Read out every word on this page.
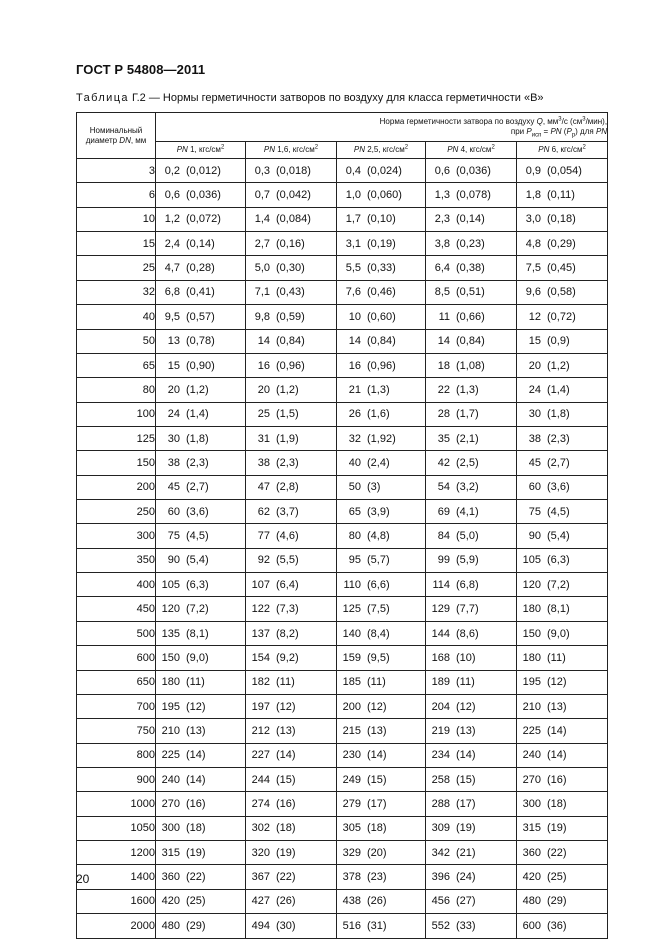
ГОСТ Р 54808—2011
Таблица Г.2 — Нормы герметичности затворов по воздуху для класса герметичности «В»
Номинальный
диаметр DN, мм	Норма герметичности затвора по воздуху Q, $мм^3/с$ $(см^3/мин)$,
при $P_{исп}$ = PN $(P_р)$ для PN				
	PN 1, кгс/$см^2$	PN 1,6, кгс/$см^2$	PN 2,5, кгс/$см^2$	PN 4, кгс/$см^2$	PN 6, кгс/$см^2$
3	0,2 (0,012)	0,3 (0,018)	0,4 (0,024)	0,6 (0,036)	0,9 (0,054)
6	0,6 (0,036)	0,7 (0,042)	1,0 (0,060)	1,3 (0,078)	1,8 (0,11)
10	1,2 (0,072)	1,4 (0,084)	1,7 (0,10)	2,3 (0,14)	3,0 (0,18)
15	2,4 (0,14)	2,7 (0,16)	3,1 (0,19)	3,8 (0,23)	4,8 (0,29)
25	4,7 (0,28)	5,0 (0,30)	5,5 (0,33)	6,4 (0,38)	7,5 (0,45)
32	6,8 (0,41)	7,1 (0,43)	7,6 (0,46)	8,5 (0,51)	9,6 (0,58)
40	9,5 (0,57)	9,8 (0,59)	10 (0,60)	11 (0,66)	12 (0,72)
50	13 (0,78)	14 (0,84)	14 (0,84)	14 (0,84)	15 (0,9)
65	15 (0,90)	16 (0,96)	16 (0,96)	18 (1,08)	20 (1,2)
80	20 (1,2)	20 (1,2)	21 (1,3)	22 (1,3)	24 (1,4)
100	24 (1,4)	25 (1,5)	26 (1,6)	28 (1,7)	30 (1,8)
125	30 (1,8)	31 (1,9)	32 (1,92)	35 (2,1)	38 (2,3)
150	38 (2,3)	38 (2,3)	40 (2,4)	42 (2,5)	45 (2,7)
200	45 (2,7)	47 (2,8)	50 (3)	54 (3,2)	60 (3,6)
250	60 (3,6)	62 (3,7)	65 (3,9)	69 (4,1)	75 (4,5)
300	75 (4,5)	77 (4,6)	80 (4,8)	84 (5,0)	90 (5,4)
350	90 (5,4)	92 (5,5)	95 (5,7)	99 (5,9)	105 (6,3)
400	105 (6,3)	107 (6,4)	110 (6,6)	114 (6,8)	120 (7,2)
450	120 (7,2)	122 (7,3)	125 (7,5)	129 (7,7)	180 (8,1)
500	135 (8,1)	137 (8,2)	140 (8,4)	144 (8,6)	150 (9,0)
600	150 (9,0)	154 (9,2)	159 (9,5)	168 (10)	180 (11)
650	180 (11)	182 (11)	185 (11)	189 (11)	195 (12)
700	195 (12)	197 (12)	200 (12)	204 (12)	210 (13)
750	210 (13)	212 (13)	215 (13)	219 (13)	225 (14)
800	225 (14)	227 (14)	230 (14)	234 (14)	240 (14)
900	240 (14)	244 (15)	249 (15)	258 (15)	270 (16)
1000	270 (16)	274 (16)	279 (17)	288 (17)	300 (18)
1050	300 (18)	302 (18)	305 (18)	309 (19)	315 (19)
1200	315 (19)	320 (19)	329 (20)	342 (21)	360 (22)
1400	360 (22)	367 (22)	378 (23)	396 (24)	420 (25)
1600	420 (25)	427 (26)	438 (26)	456 (27)	480 (29)
2000	480 (29)	494 (30)	516 (31)	552 (33)	600 (36)
20
